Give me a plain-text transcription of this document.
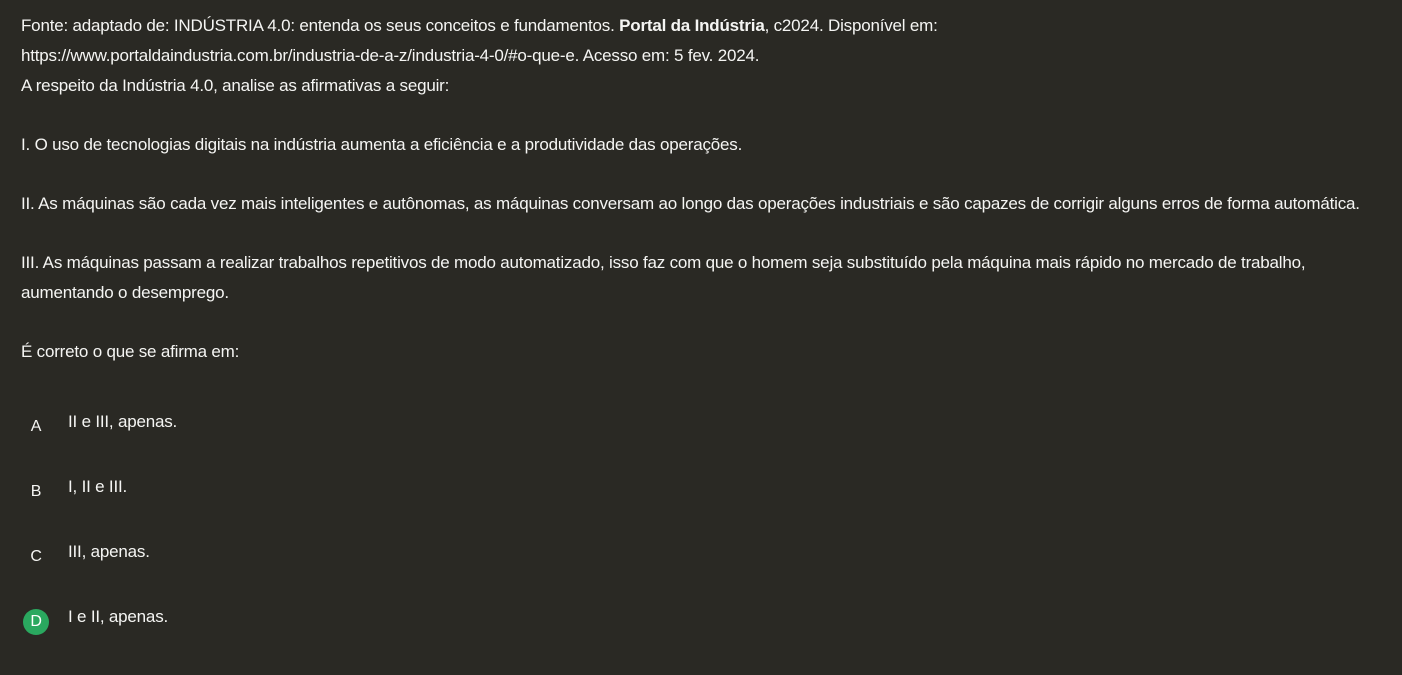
Fonte: adaptado de: INDÚSTRIA 4.0: entenda os seus conceitos e fundamentos. Portal da Indústria, c2024. Disponível em:
https://www.portaldaindustria.com.br/industria-de-a-z/industria-4-0/#o-que-e. Acesso em: 5 fev. 2024.
A respeito da Indústria 4.0, analise as afirmativas a seguir:

I. O uso de tecnologias digitais na indústria aumenta a eficiência e a produtividade das operações.

II. As máquinas são cada vez mais inteligentes e autônomas, as máquinas conversam ao longo das operações industriais e são capazes de corrigir alguns erros de forma automática.

III. As máquinas passam a realizar trabalhos repetitivos de modo automatizado, isso faz com que o homem seja substituído pela máquina mais rápido no mercado de trabalho, aumentando o desemprego.

É correto o que se afirma em:

A	II e III, apenas.
B	I, II e III.
C	III, apenas.
D	I e II, apenas.
